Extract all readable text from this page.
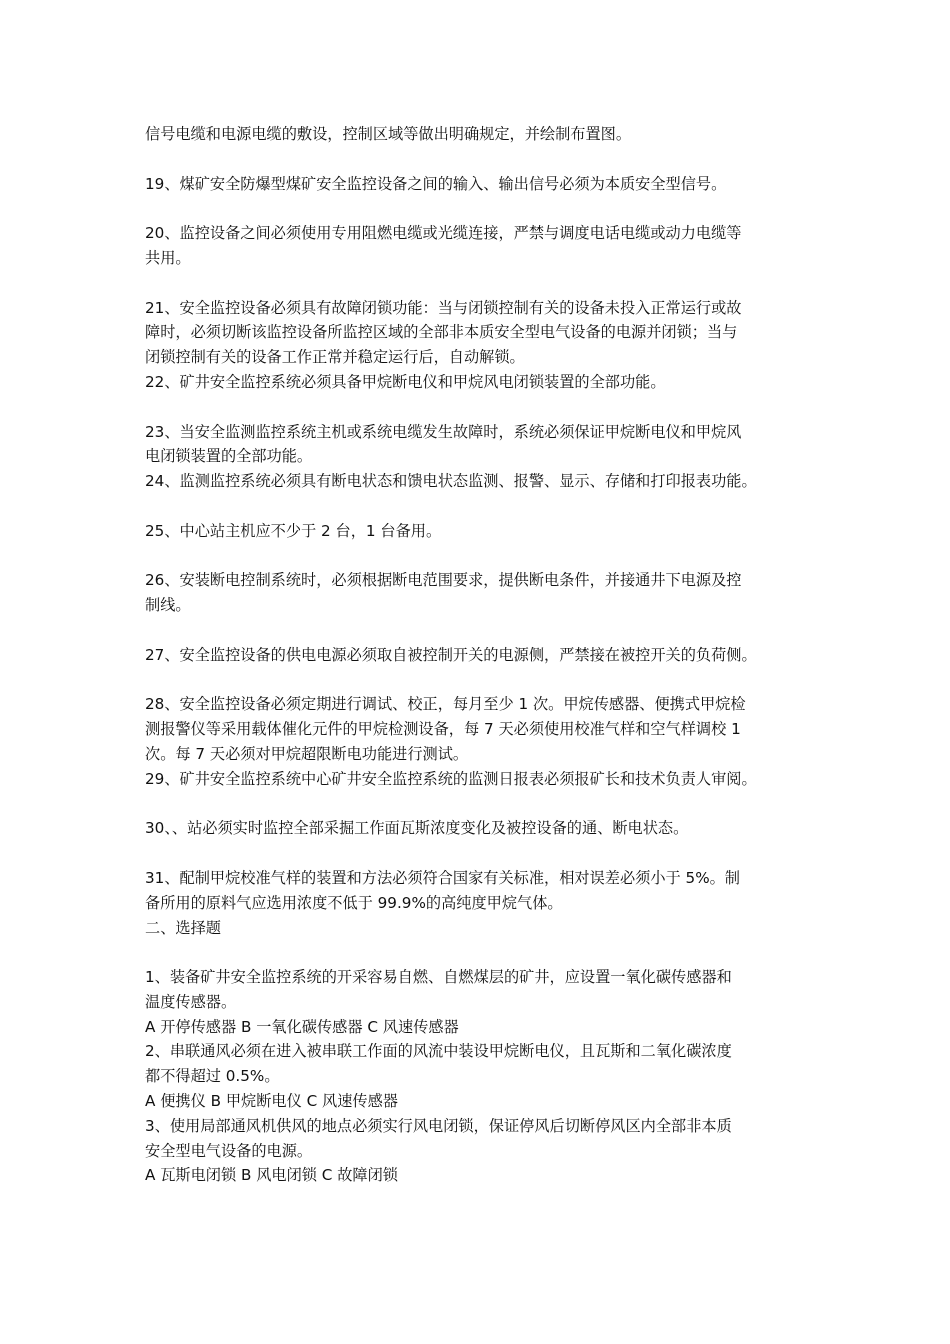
信号电缆和电源电缆的敷设，控制区域等做出明确规定，并绘制布置图。

19、煤矿安全防爆型煤矿安全监控设备之间的输入、输出信号必须为本质安全型信号。

20、监控设备之间必须使用专用阻燃电缆或光缆连接，严禁与调度电话电缆或动力电缆等

共用。

21、安全监控设备必须具有故障闭锁功能：当与闭锁控制有关的设备未投入正常运行或故

障时，必须切断该监控设备所监控区域的全部非本质安全型电气设备的电源并闭锁；当与

闭锁控制有关的设备工作正常并稳定运行后，自动解锁。

22、矿井安全监控系统必须具备甲烷断电仪和甲烷风电闭锁装置的全部功能。

23、当安全监测监控系统主机或系统电缆发生故障时，系统必须保证甲烷断电仪和甲烷风

电闭锁装置的全部功能。

24、监测监控系统必须具有断电状态和馈电状态监测、报警、显示、存储和打印报表功能。

25、中心站主机应不少于 2 台，1 台备用。

26、安装断电控制系统时，必须根据断电范围要求，提供断电条件，并接通井下电源及控

制线。

27、安全监控设备的供电电源必须取自被控制开关的电源侧，严禁接在被控开关的负荷侧。

28、安全监控设备必须定期进行调试、校正，每月至少 1 次。甲烷传感器、便携式甲烷检

测报警仪等采用载体催化元件的甲烷检测设备，每 7 天必须使用校准气样和空气样调校 1

次。每 7 天必须对甲烷超限断电功能进行测试。

29、矿井安全监控系统中心矿井安全监控系统的监测日报表必须报矿长和技术负责人审阅。

30、、站必须实时监控全部采掘工作面瓦斯浓度变化及被控设备的通、断电状态。

31、配制甲烷校准气样的装置和方法必须符合国家有关标准，相对误差必须小于 5%。制

备所用的原料气应选用浓度不低于 99.9%的高纯度甲烷气体。

二、选择题

1、装备矿井安全监控系统的开采容易自燃、自燃煤层的矿井，应设置一氧化碳传感器和

温度传感器。

A 开停传感器 B 一氧化碳传感器 C 风速传感器

2、串联通风必须在进入被串联工作面的风流中装设甲烷断电仪，且瓦斯和二氧化碳浓度

都不得超过 0.5%。

A 便携仪 B 甲烷断电仪 C 风速传感器

3、使用局部通风机供风的地点必须实行风电闭锁，保证停风后切断停风区内全部非本质

安全型电气设备的电源。

A 瓦斯电闭锁 B 风电闭锁 C 故障闭锁
